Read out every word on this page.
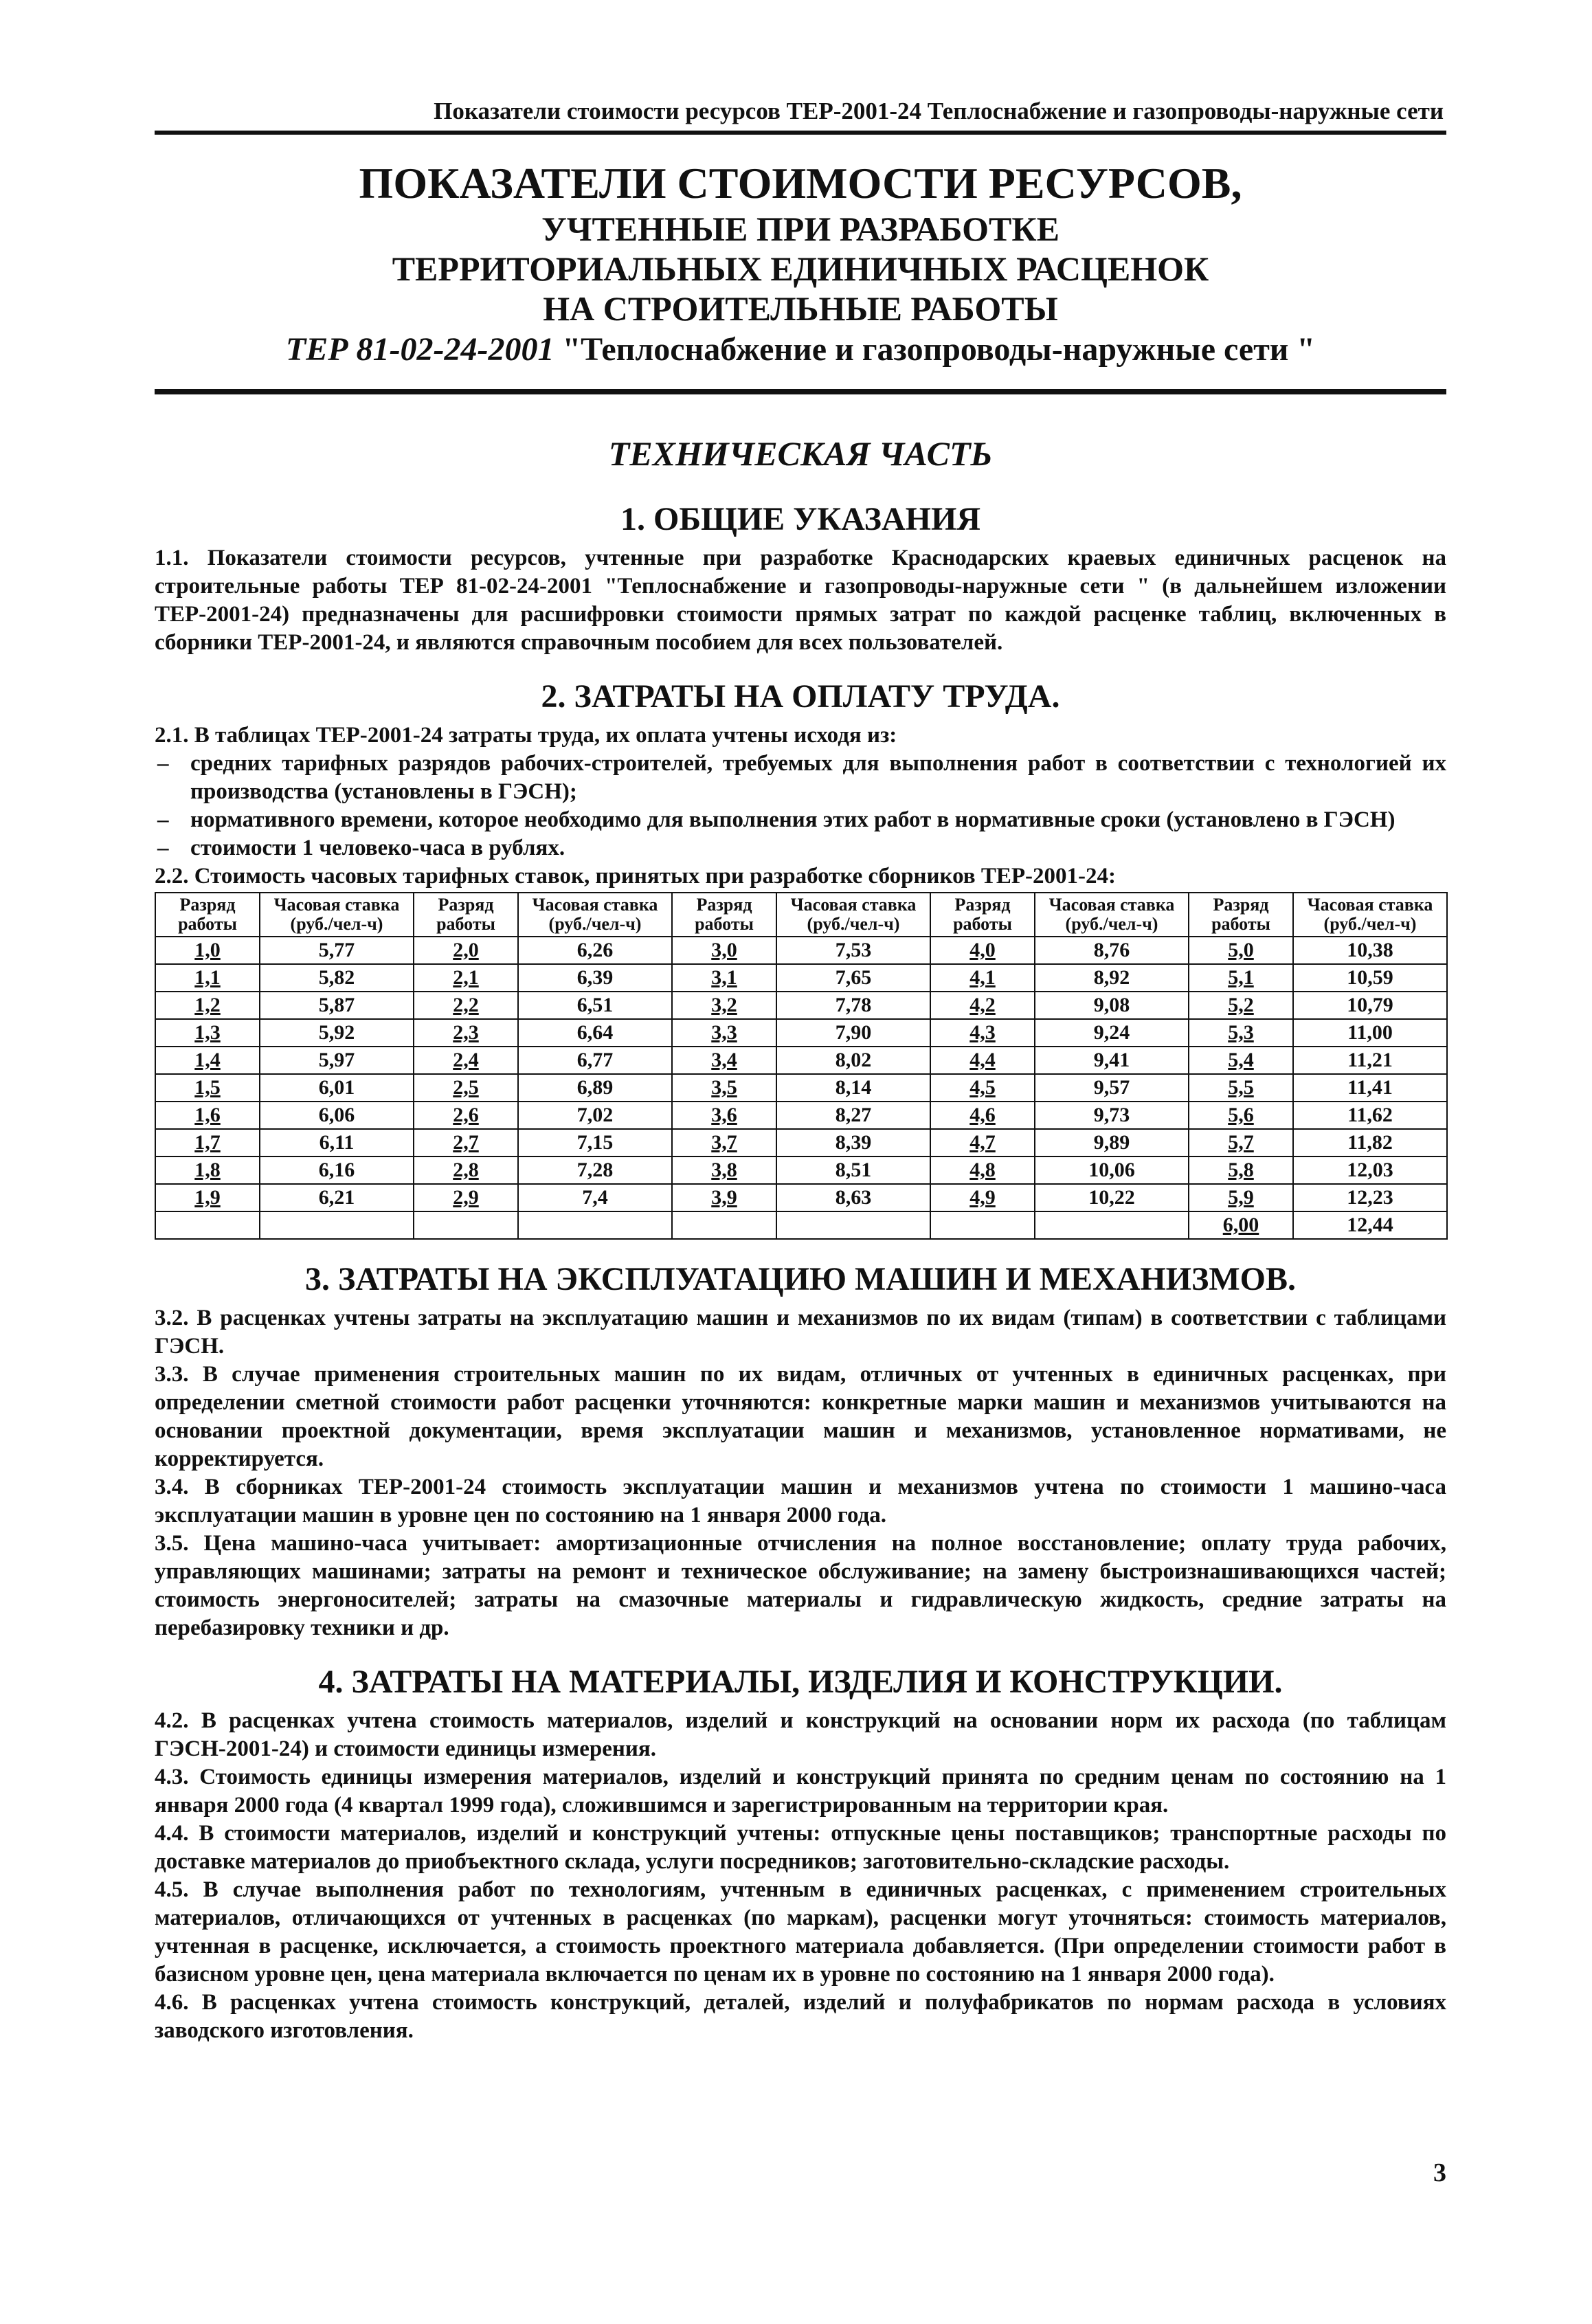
Показатели стоимости ресурсов ТЕР-2001-24 Теплоснабжение и газопроводы-наружные сети
ПОКАЗАТЕЛИ СТОИМОСТИ РЕСУРСОВ,
УЧТЕННЫЕ ПРИ РАЗРАБОТКЕ
ТЕРРИТОРИАЛЬНЫХ ЕДИНИЧНЫХ РАСЦЕНОК
НА СТРОИТЕЛЬНЫЕ РАБОТЫ
ТЕР 81-02-24-2001 "Теплоснабжение и газопроводы-наружные сети "
ТЕХНИЧЕСКАЯ ЧАСТЬ
1. ОБЩИЕ УКАЗАНИЯ

1.1. Показатели стоимости ресурсов, учтенные при разработке Краснодарских краевых единичных расценок на строительные работы ТЕР 81-02-24-2001 "Теплоснабжение и газопроводы-наружные сети " (в дальнейшем изложении ТЕР-2001-24) предназначены для расшифровки стоимости прямых затрат по каждой расценке таблиц, включенных в сборники ТЕР-2001-24, и являются справочным пособием для всех пользователей.

2. ЗАТРАТЫ НА ОПЛАТУ ТРУДА.

2.1. В таблицах ТЕР-2001-24 затраты труда, их оплата учтены исходя из:

– средних тарифных разрядов рабочих-строителей, требуемых для выполнения работ в соответствии с технологией их производства (установлены в ГЭСН);
– нормативного времени, которое необходимо для выполнения этих работ в нормативные сроки (установлено в ГЭСН)
– стоимости 1 человеко-часа в рублях.

2.2. Стоимость часовых тарифных ставок, принятых при разработке сборников ТЕР-2001-24:

Разряд работы	Часовая ставка (руб./чел-ч)	Разряд работы	Часовая ставка (руб./чел-ч)	Разряд работы	Часовая ставка (руб./чел-ч)	Разряд работы	Часовая ставка (руб./чел-ч)	Разряд работы	Часовая ставка (руб./чел-ч)
1,0	5,77	2,0	6,26	3,0	7,53	4,0	8,76	5,0	10,38
1,1	5,82	2,1	6,39	3,1	7,65	4,1	8,92	5,1	10,59
1,2	5,87	2,2	6,51	3,2	7,78	4,2	9,08	5,2	10,79
1,3	5,92	2,3	6,64	3,3	7,90	4,3	9,24	5,3	11,00
1,4	5,97	2,4	6,77	3,4	8,02	4,4	9,41	5,4	11,21
1,5	6,01	2,5	6,89	3,5	8,14	4,5	9,57	5,5	11,41
1,6	6,06	2,6	7,02	3,6	8,27	4,6	9,73	5,6	11,62
1,7	6,11	2,7	7,15	3,7	8,39	4,7	9,89	5,7	11,82
1,8	6,16	2,8	7,28	3,8	8,51	4,8	10,06	5,8	12,03
1,9	6,21	2,9	7,4	3,9	8,63	4,9	10,22	5,9	12,23
								6,00	12,44
3. ЗАТРАТЫ НА ЭКСПЛУАТАЦИЮ МАШИН И МЕХАНИЗМОВ.

3.2. В расценках учтены затраты на эксплуатацию машин и механизмов по их видам (типам) в соответствии с таблицами ГЭСН.

3.3. В случае применения строительных машин по их видам, отличных от учтенных в единичных расценках, при определении сметной стоимости работ расценки уточняются: конкретные марки машин и механизмов учитываются на основании проектной документации, время эксплуатации машин и механизмов, установленное нормативами, не корректируется.

3.4. В сборниках ТЕР-2001-24 стоимость эксплуатации машин и механизмов учтена по стоимости 1 машино-часа эксплуатации машин в уровне цен по состоянию на 1 января 2000 года.

3.5. Цена машино-часа учитывает: амортизационные отчисления на полное восстановление; оплату труда рабочих, управляющих машинами; затраты на ремонт и техническое обслуживание; на замену быстроизнашивающихся частей; стоимость энергоносителей; затраты на смазочные материалы и гидравлическую жидкость, средние затраты на перебазировку техники и др.

4. ЗАТРАТЫ НА МАТЕРИАЛЫ, ИЗДЕЛИЯ И КОНСТРУКЦИИ.

4.2. В расценках учтена стоимость материалов, изделий и конструкций на основании норм их расхода (по таблицам ГЭСН-2001-24) и стоимости единицы измерения.

4.3. Стоимость единицы измерения материалов, изделий и конструкций принята по средним ценам по состоянию на 1 января 2000 года (4 квартал 1999 года), сложившимся и зарегистрированным на территории края.

4.4. В стоимости материалов, изделий и конструкций учтены: отпускные цены поставщиков; транспортные расходы по доставке материалов до приобъектного склада, услуги посредников; заготовительно-складские расходы.

4.5. В случае выполнения работ по технологиям, учтенным в единичных расценках, с применением строительных материалов, отличающихся от учтенных в расценках (по маркам), расценки могут уточняться: стоимость материалов, учтенная в расценке, исключается, а стоимость проектного материала добавляется. (При определении стоимости работ в базисном уровне цен, цена материала включается по ценам их в уровне по состоянию на 1 января 2000 года).

4.6. В расценках учтена стоимость конструкций, деталей, изделий и полуфабрикатов по нормам расхода в условиях заводского изготовления.

3
